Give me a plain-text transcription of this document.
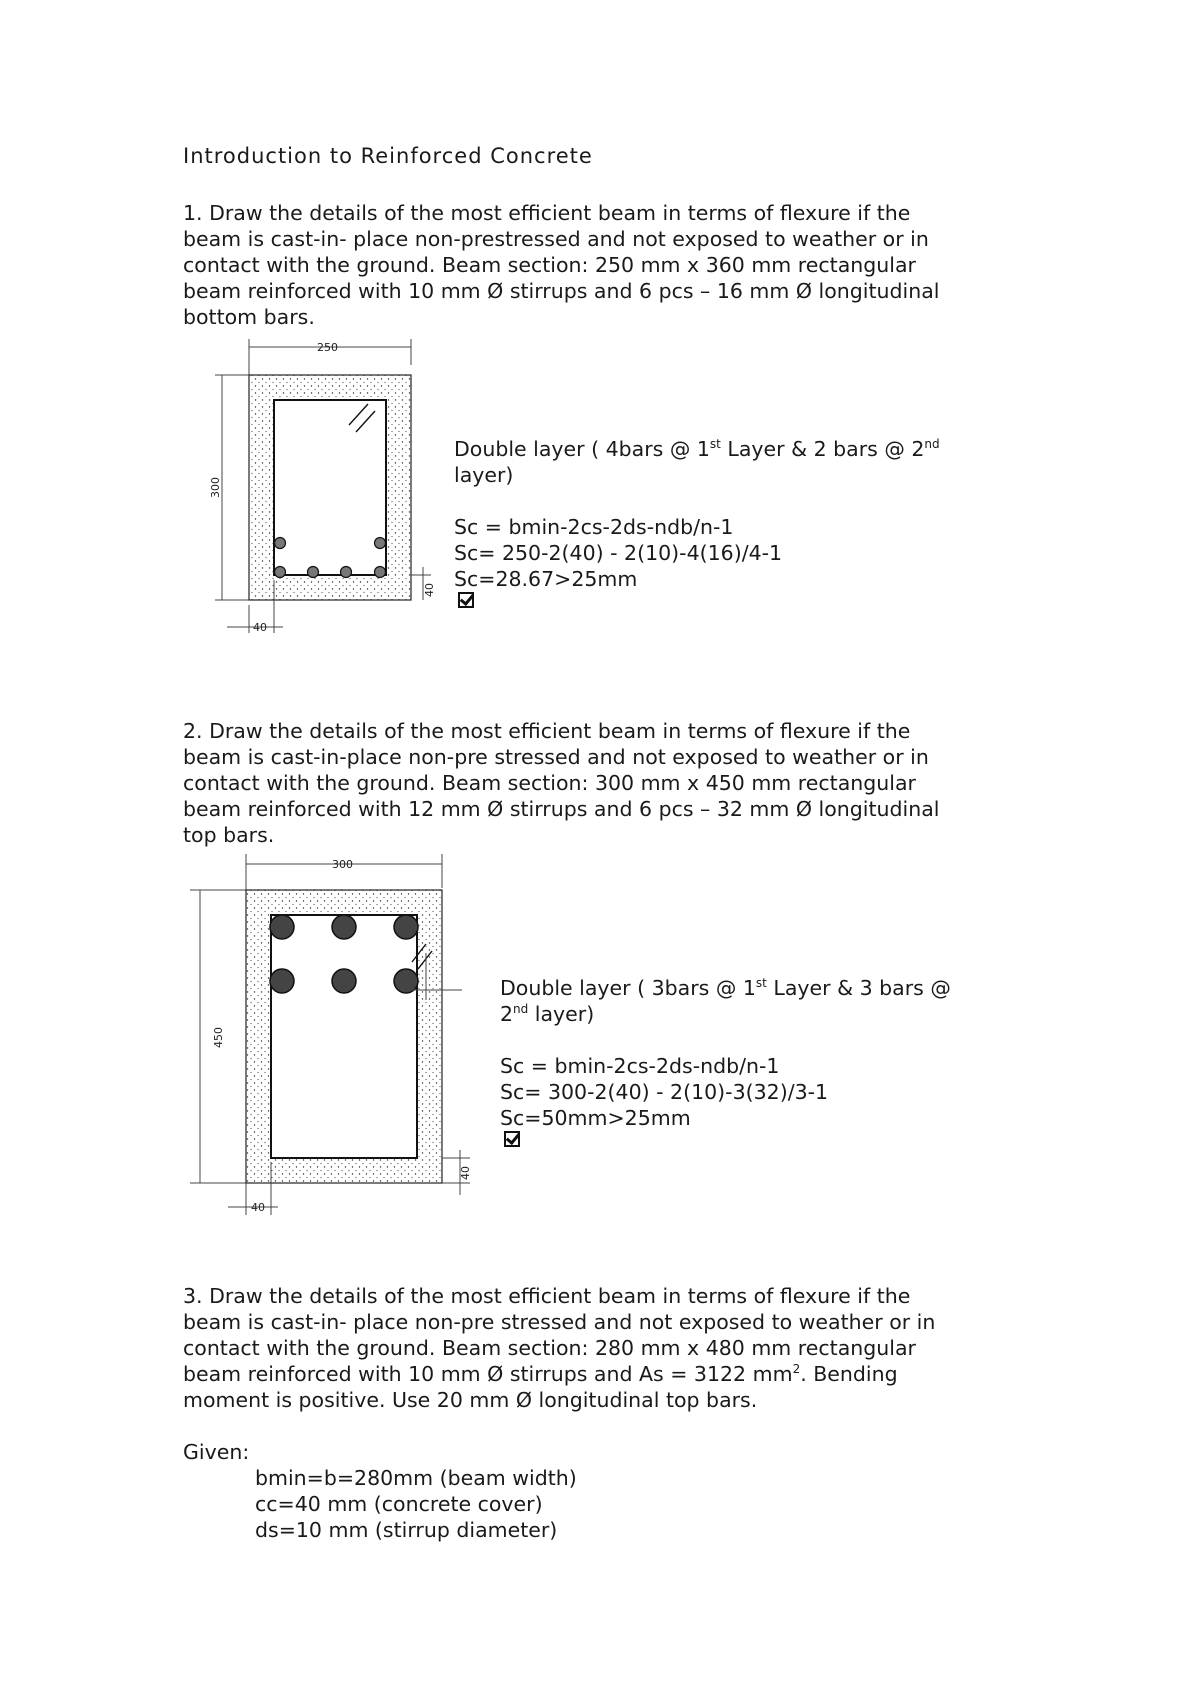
Introduction to Reinforced Concrete

1. Draw the details of the most efficient beam in terms of flexure if the
beam is cast-in- place non-prestressed and not exposed to weather or in
contact with the ground. Beam section: 250 mm x 360 mm rectangular
beam reinforced with 10 mm Ø stirrups and 6 pcs – 16 mm Ø longitudinal
bottom bars.

250
300
40
40
Double layer ( 4bars @ 1st Layer & 2 bars @ 2nd
layer)
Sc = bmin-2cs-2ds-ndb/n-1
Sc= 250-2(40) - 2(10)-4(16)/4-1
Sc=28.67>25mm

2. Draw the details of the most efficient beam in terms of flexure if the
beam is cast-in-place non-pre stressed and not exposed to weather or in
contact with the ground. Beam section: 300 mm x 450 mm rectangular
beam reinforced with 12 mm Ø stirrups and 6 pcs – 32 mm Ø longitudinal
top bars.

300
450
40
40
Double layer ( 3bars @ 1st Layer & 3 bars @
2nd layer)
Sc = bmin-2cs-2ds-ndb/n-1
Sc= 300-2(40) - 2(10)-3(32)/3-1
Sc=50mm>25mm

3. Draw the details of the most efficient beam in terms of flexure if the
beam is cast-in- place non-pre stressed and not exposed to weather or in
contact with the ground. Beam section: 280 mm x 480 mm rectangular
beam reinforced with 10 mm Ø stirrups and As = 3122 $mm^2$. Bending
moment is positive. Use 20 mm Ø longitudinal top bars.
Given:
bmin=b=280mm (beam width)
cc=40 mm (concrete cover)
ds=10 mm (stirrup diameter)
